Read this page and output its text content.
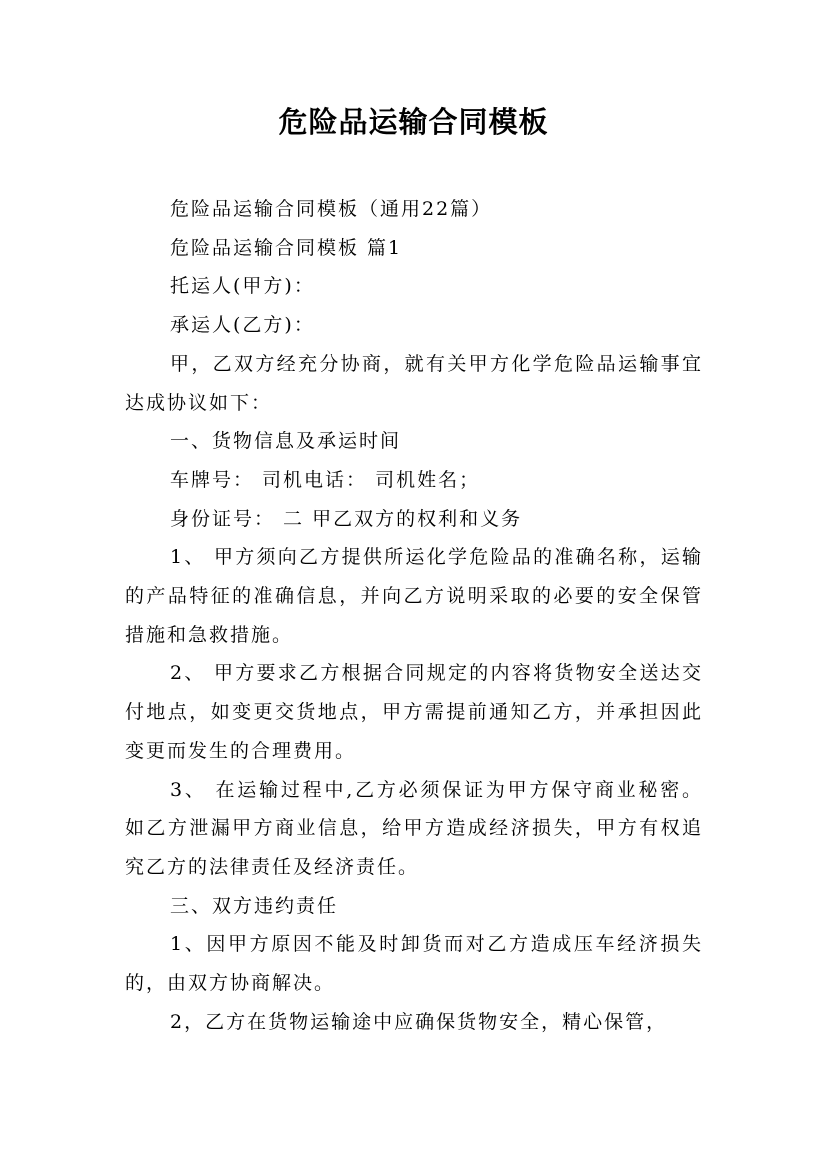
危险品运输合同模板

危险品运输合同模板（通用22篇）

危险品运输合同模板 篇1

托运人(甲方)：

承运人(乙方)：

甲，乙双方经充分协商，就有关甲方化学危险品运输事宜达成协议如下：

一、货物信息及承运时间

车牌号： 司机电话： 司机姓名；

身份证号： 二 甲乙双方的权利和义务

1、 甲方须向乙方提供所运化学危险品的准确名称，运输的产品特征的准确信息，并向乙方说明采取的必要的安全保管措施和急救措施。

2、 甲方要求乙方根据合同规定的内容将货物安全送达交付地点，如变更交货地点，甲方需提前通知乙方，并承担因此变更而发生的合理费用。

3、 在运输过程中,乙方必须保证为甲方保守商业秘密。如乙方泄漏甲方商业信息，给甲方造成经济损失，甲方有权追究乙方的法律责任及经济责任。

三、双方违约责任

1、因甲方原因不能及时卸货而对乙方造成压车经济损失的，由双方协商解决。

2，乙方在货物运输途中应确保货物安全，精心保管，
